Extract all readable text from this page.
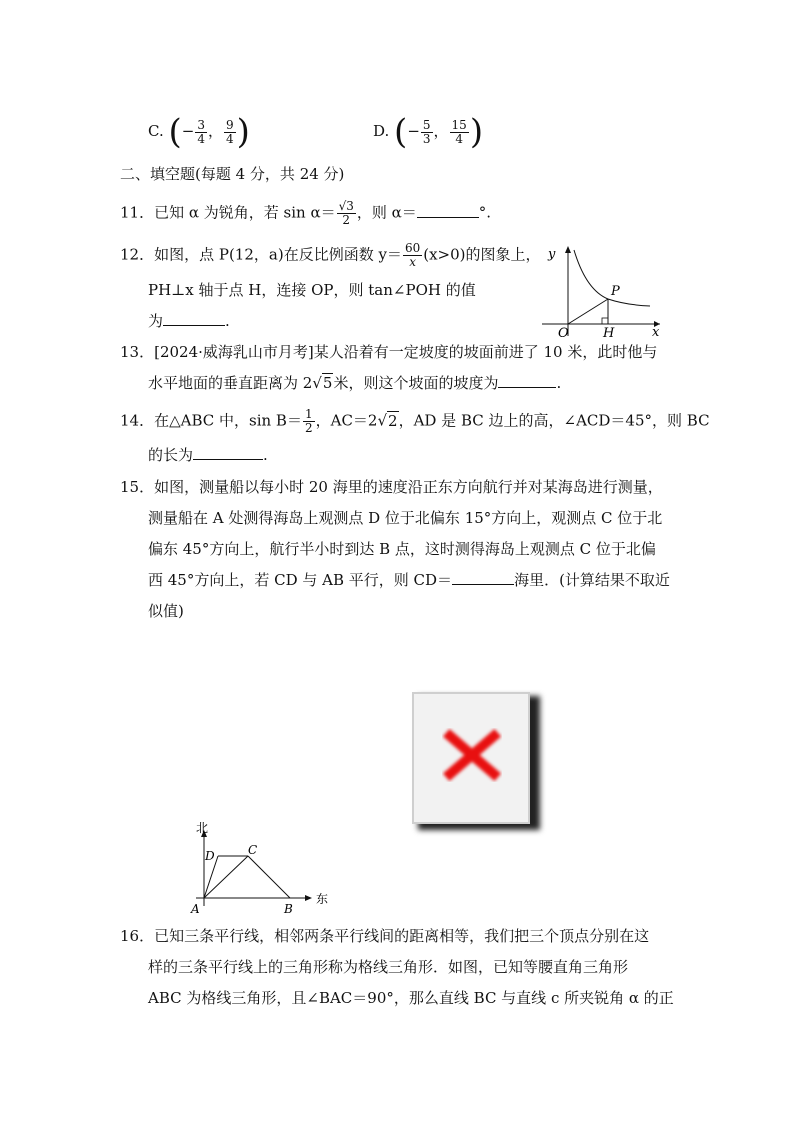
C. (− $\frac{3}{4}$ ， $\frac{9}{4}$ )	D. (− $\frac{5}{3}$ ， $\frac{15}{4}$ )
二、填空题(每题 4 分，共 24 分)
11．已知 α 为锐角，若 $\sin \alpha= \frac{√3}{2}$ ，则 α＝	°.
12．如图，点 P(12，a)在反比例函数 $y= \frac{60}{x} (x>0)$的图象上，
PH⊥x 轴于点 H，连接 OP，则 tan∠POH 的值
为	.
y
x
O	H
P
13．[2024·威海乳山市月考]某人沿着有一定坡度的坡面前进了 10 米，此时他与
水平地面的垂直距离为 2√5米，则这个坡面的坡度为	.
14．在△ABC 中，$\sin B= \frac{1}{2}$ ，AC＝2√2，AD 是 BC 边上的高，∠ACD＝45°，则 BC
的长为	.
15．如图，测量船以每小时 20 海里的速度沿正东方向航行并对某海岛进行测量，
测量船在 A 处测得海岛上观测点 D 位于北偏东 15°方向上，观测点 C 位于北
偏东 45°方向上，航行半小时到达 B 点，这时测得海岛上观测点 C 位于北偏
西 45°方向上，若 CD 与 AB 平行，则 CD＝	海里．(计算结果不取近
似值)
北
东
A	B
C
D
16．已知三条平行线，相邻两条平行线间的距离相等，我们把三个顶点分别在这
样的三条平行线上的三角形称为格线三角形．如图，已知等腰直角三角形
ABC 为格线三角形，且∠BAC＝90°，那么直线 BC 与直线 c 所夹锐角 α 的正
